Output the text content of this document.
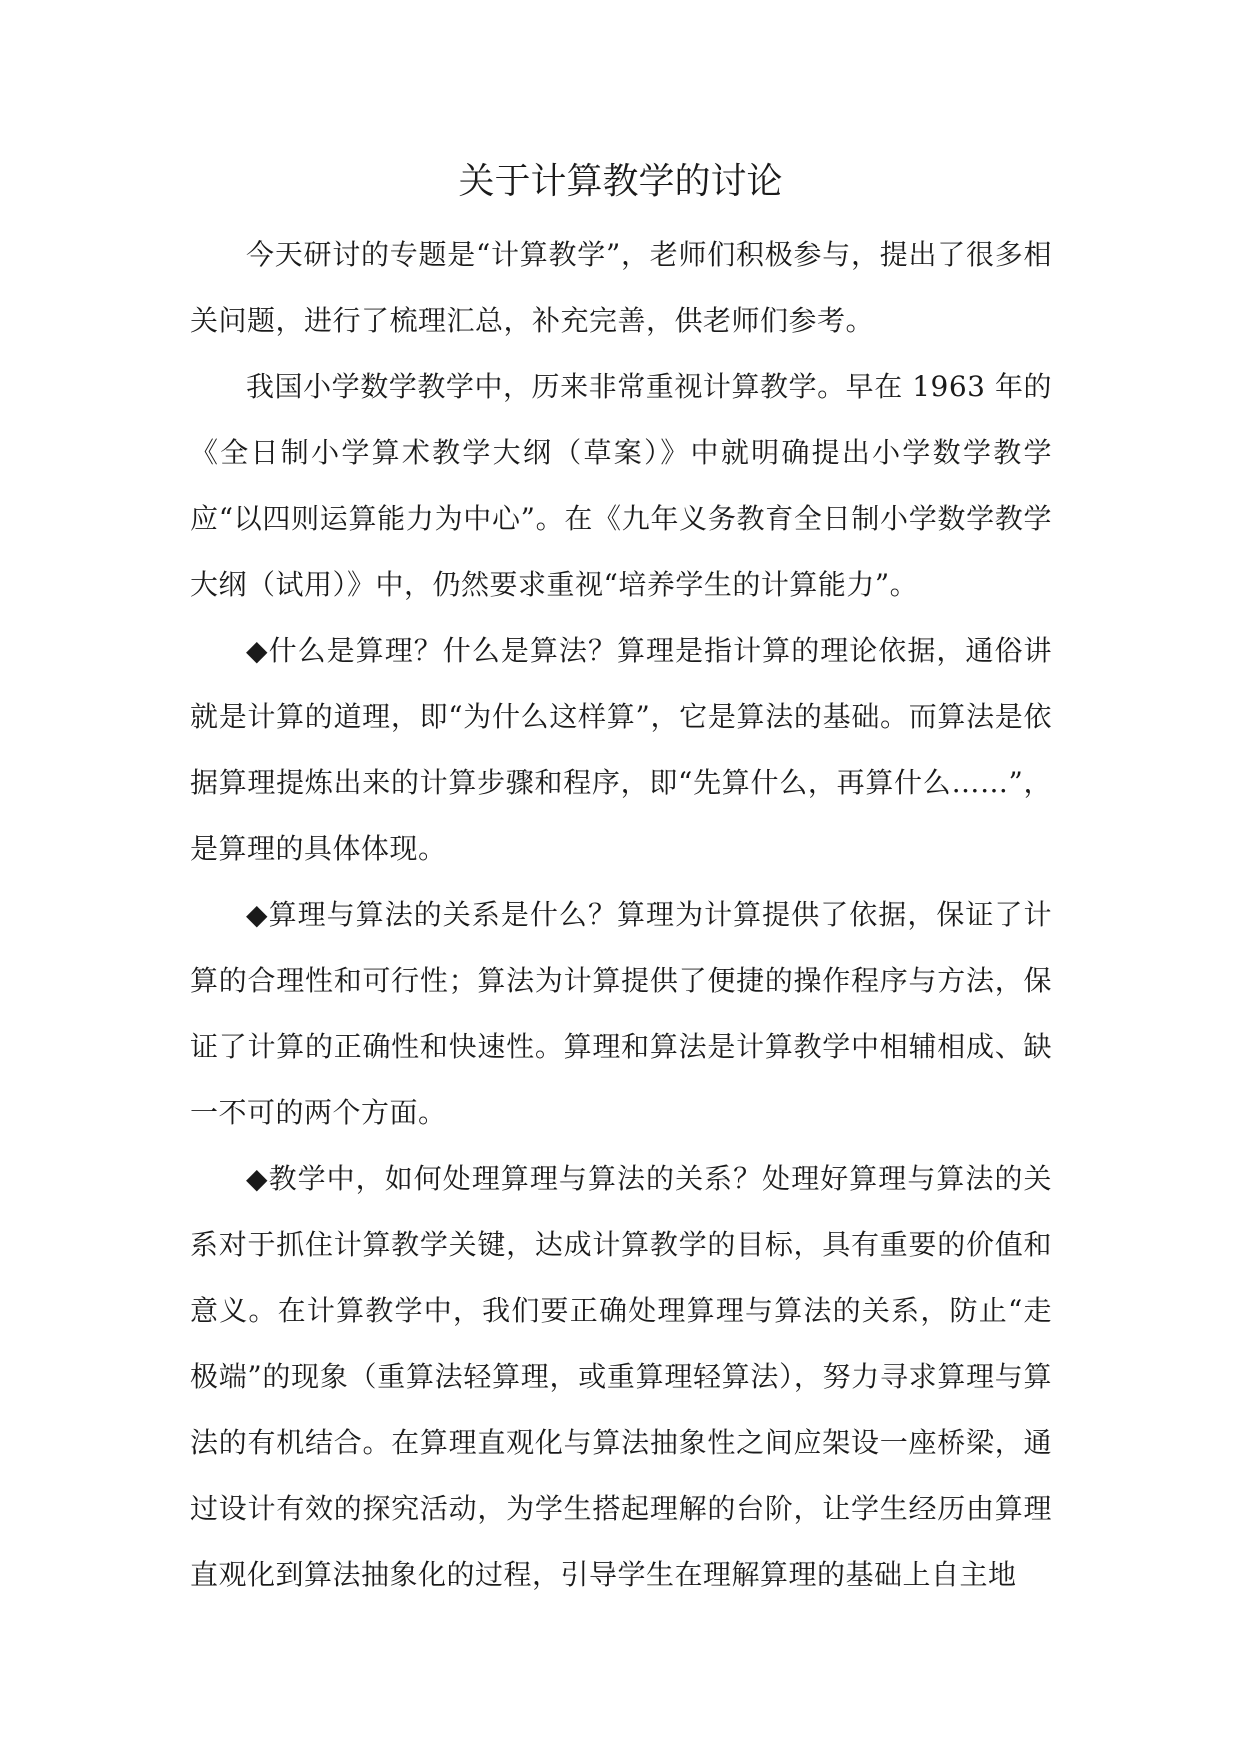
关于计算教学的讨论

今天研讨的专题是“计算教学”，老师们积极参与，提出了很多相关问题，进行了梳理汇总，补充完善，供老师们参考。

我国小学数学教学中，历来非常重视计算教学。早在 1963 年的《全日制小学算术教学大纲（草案）》中就明确提出小学数学教学应“以四则运算能力为中心”。在《九年义务教育全日制小学数学教学大纲（试用）》中，仍然要求重视“培养学生的计算能力”。

◆什么是算理？什么是算法？算理是指计算的理论依据，通俗讲就是计算的道理，即“为什么这样算”，它是算法的基础。而算法是依据算理提炼出来的计算步骤和程序，即“先算什么，再算什么……”，是算理的具体体现。

◆算理与算法的关系是什么？算理为计算提供了依据，保证了计算的合理性和可行性；算法为计算提供了便捷的操作程序与方法，保证了计算的正确性和快速性。算理和算法是计算教学中相辅相成、缺一不可的两个方面。

◆教学中，如何处理算理与算法的关系？处理好算理与算法的关系对于抓住计算教学关键，达成计算教学的目标，具有重要的价值和意义。在计算教学中，我们要正确处理算理与算法的关系，防止“走极端”的现象（重算法轻算理，或重算理轻算法），努力寻求算理与算法的有机结合。在算理直观化与算法抽象性之间应架设一座桥梁，通过设计有效的探究活动，为学生搭起理解的台阶，让学生经历由算理直观化到算法抽象化的过程，引导学生在理解算理的基础上自主地
